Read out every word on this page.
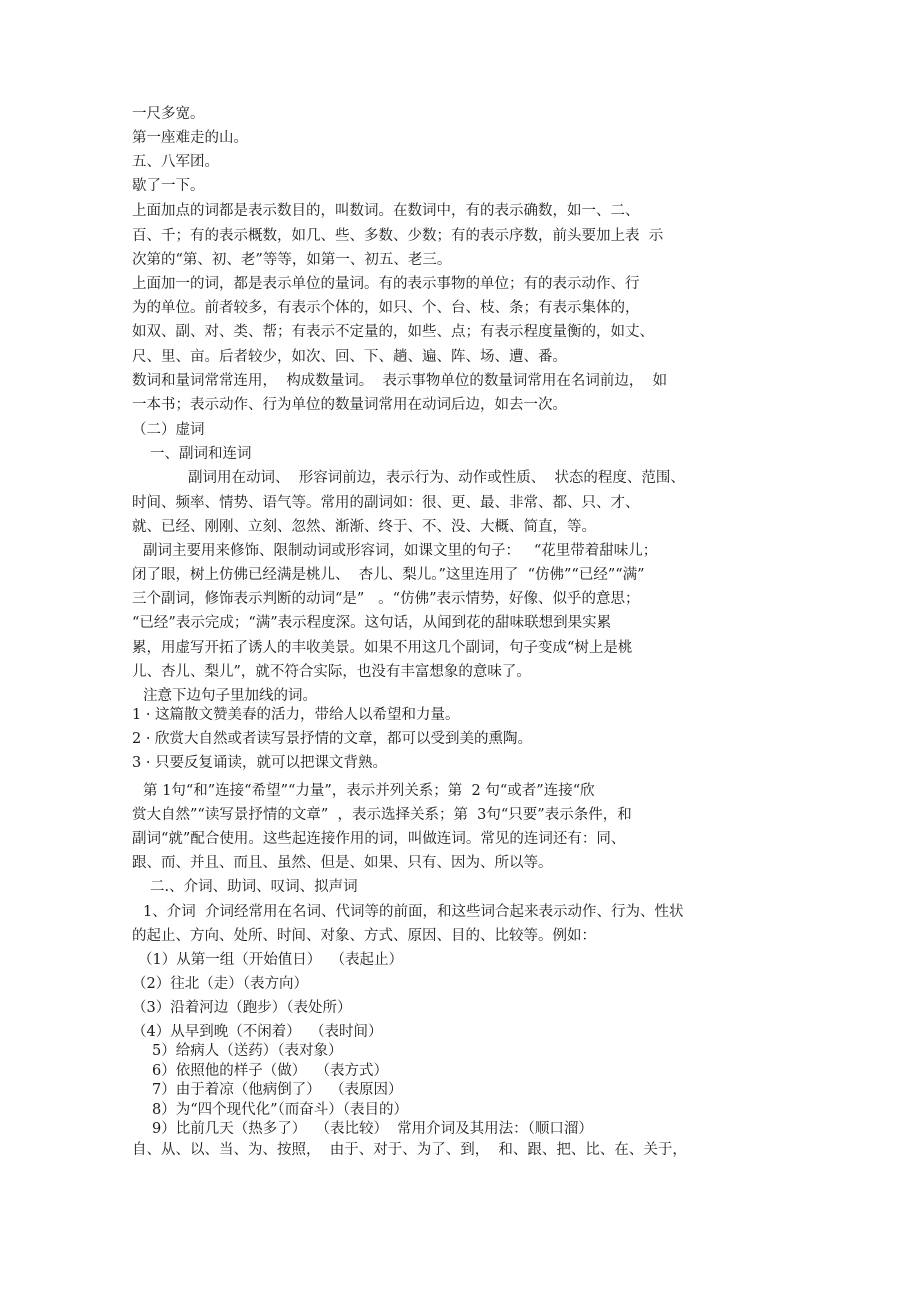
一尺多宽。
第一座难走的山。
五、八军团。
歇了一下。
上面加点的词都是表示数目的，叫数词。在数词中，有的表示确数，如一、二、
百、千；有的表示概数，如几、些、多数、少数；有的表示序数，前头要加上表  示
次第的“第、初、老”等等，如第一、初五、老三。
上面加一的词，都是表示单位的量词。有的表示事物的单位；有的表示动作、行
为的单位。前者较多，有表示个体的，如只、个、台、枝、条；有表示集体的，
如双、副、对、类、帮；有表示不定量的，如些、点；有表示程度量衡的，如丈、
尺、里、亩。后者较少，如次、回、下、趟、遍、阵、场、遭、番。
数词和量词常常连用，  构成数量词。  表示事物单位的数量词常用在名词前边，  如
一本书；表示动作、行为单位的数量词常用在动词后边，如去一次。
（二）虚词
一、副词和连词
副词用在动词、  形容词前边，表示行为、动作或性质、  状态的程度、范围、
时间、频率、情势、语气等。常用的副词如：很、更、最、非常、都、只、才、
就、已经、刚刚、立刻、忽然、渐渐、终于、不、没、大概、简直，等。
副词主要用来修饰、限制动词或形容词，如课文里的句子：   “花里带着甜味儿；
闭了眼，树上仿佛已经满是桃儿、  杏儿、梨儿。”这里连用了  “仿佛”“已经”“满”
三个副词，修饰表示判断的动词“是”   。“仿佛”表示情势，好像、似乎的意思；
“已经”表示完成；“满”表示程度深。这句话，从闻到花的甜味联想到果实累
累，用虚写开拓了诱人的丰收美景。如果不用这几个副词，句子变成“树上是桃
儿、杏儿、梨儿”，就不符合实际，也没有丰富想象的意味了。
注意下边句子里加线的词。
1 · 这篇散文赞美春的活力，带给人以希望和力量。
2 · 欣赏大自然或者读写景抒情的文章，都可以受到美的熏陶。
3 · 只要反复诵读，就可以把课文背熟。
第 1句“和”连接“希望”“力量”，表示并列关系；第  2 句“或者”连接“欣
赏大自然”“读写景抒情的文章”  ，表示选择关系；第  3句“只要”表示条件，和
副词“就”配合使用。这些起连接作用的词，叫做连词。常见的连词还有：同、
跟、而、并且、而且、虽然、但是、如果、只有、因为、所以等。
二.、介词、助词、叹词、拟声词
1、介词  介词经常用在名词、代词等的前面，和这些词合起来表示动作、行为、性状
的起止、方向、处所、时间、对象、方式、原因、目的、比较等。例如：
（1）从第一组（开始值日）  （表起止）
（2）往北（走）（表方向）
（3）沿着河边（跑步）（表处所）
（4）从早到晚（不闲着）  （表时间）
5）给病人（送药）（表对象）
6）依照他的样子（做）  （表方式）
7）由于着凉（他病倒了）  （表原因）
8）为“四个现代化”（而奋斗）（表目的）
9）比前几天（热多了）  （表比较）  常用介词及其用法：（顺口溜）
自、从、以、当、为、按照，  由于、对于、为了、到，  和、跟、把、比、在、关于，
